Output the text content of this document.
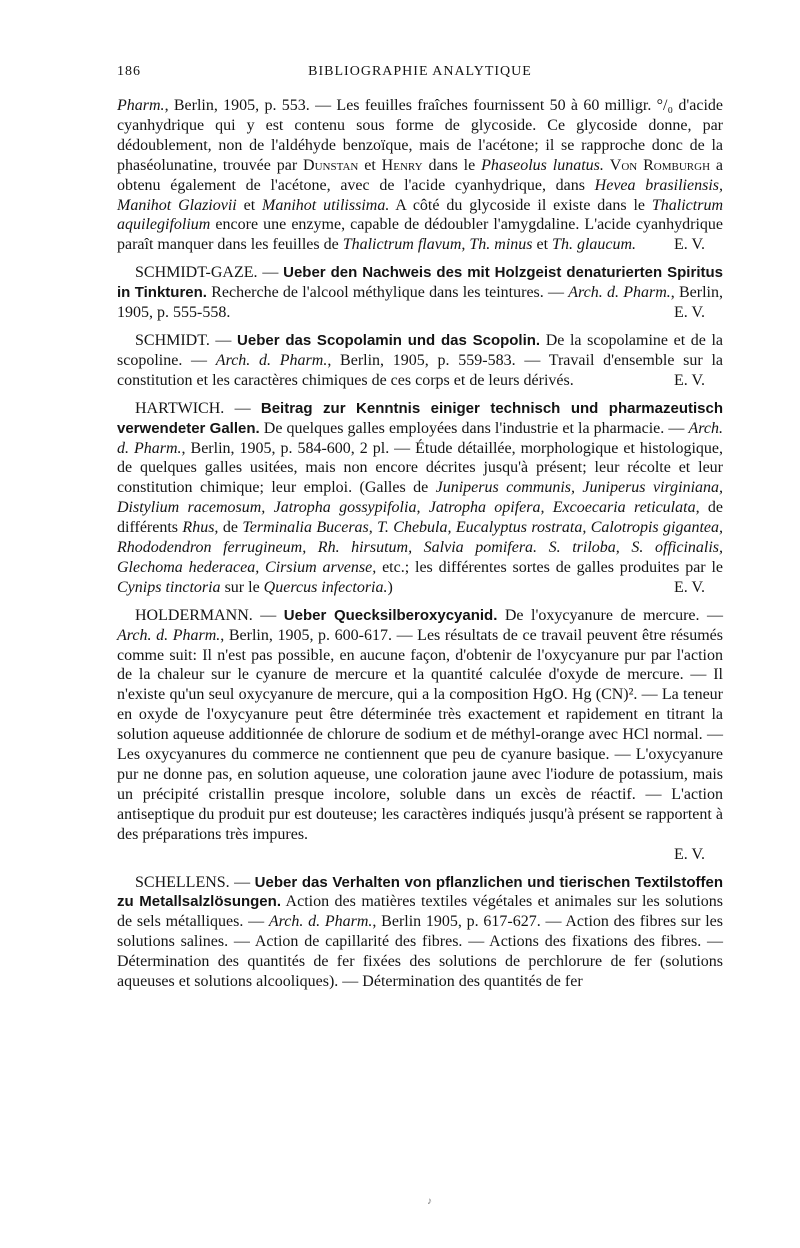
186	BIBLIOGRAPHIE ANALYTIQUE

Pharm., Berlin, 1905, p. 553. — Les feuilles fraîches fournissent 50 à 60 milligr. °/₀ d'acide cyanhydrique qui y est contenu sous forme de glycoside. Ce glycoside donne, par dédoublement, non de l'aldéhyde benzoïque, mais de l'acétone; il se rapproche donc de la phaséolunatine, trouvée par Dunstan et Henry dans le Phaseolus lunatus. Von Romburgh a obtenu également de l'acétone, avec de l'acide cyanhydrique, dans Hevea brasiliensis, Manihot Glaziovii et Manihot utilissima. A côté du glycoside il existe dans le Thalictrum aquilegifolium encore une enzyme, capable de dédoubler l'amygdaline. L'acide cyanhydrique paraît manquer dans les feuilles de Thalictrum flavum, Th. minus et Th. glaucum. E. V.

SCHMIDT-GAZE. — Ueber den Nachweis des mit Holzgeist denaturierten Spiritus in Tinkturen. Recherche de l'alcool méthylique dans les teintures. — Arch. d. Pharm., Berlin, 1905, p. 555-558.	E. V.

SCHMIDT. — Ueber das Scopolamin und das Scopolin. De la scopolamine et de la scopoline. — Arch. d. Pharm., Berlin, 1905, p. 559-583. — Travail d'ensemble sur la constitution et les caractères chimiques de ces corps et de leurs dérivés.	E. V.

HARTWICH. — Beitrag zur Kenntnis einiger technisch und pharmazeutisch verwendeter Gallen. De quelques galles employées dans l'industrie et la pharmacie. — Arch. d. Pharm., Berlin, 1905, p. 584-600, 2 pl. — Étude détaillée, morphologique et histologique, de quelques galles usitées, mais non encore décrites jusqu'à présent; leur récolte et leur constitution chimique; leur emploi. (Galles de Juniperus communis, Juniperus virginiana, Distylium racemosum, Jatropha gossypifolia, Jatropha opifera, Excoecaria reticulata, de différents Rhus, de Terminalia Buceras, T. Chebula, Eucalyptus rostrata, Calotropis gigantea, Rhododendron ferrugineum, Rh. hirsutum, Salvia pomifera. S. triloba, S. officinalis, Glechoma hederacea, Cirsium arvense, etc.; les différentes sortes de galles produites par le Cynips tinctoria sur le Quercus infectoria.)	E. V.

HOLDERMANN. — Ueber Quecksilberoxycyanid. De l'oxycyanure de mercure. — Arch. d. Pharm., Berlin, 1905, p. 600-617. — Les résultats de ce travail peuvent être résumés comme suit: Il n'est pas possible, en aucune façon, d'obtenir de l'oxycyanure pur par l'action de la chaleur sur le cyanure de mercure et la quantité calculée d'oxyde de mercure. — Il n'existe qu'un seul oxycyanure de mercure, qui a la composition HgO. Hg (CN)². — La teneur en oxyde de l'oxycyanure peut être déterminée très exactement et rapidement en titrant la solution aqueuse additionnée de chlorure de sodium et de méthyl-orange avec HCl normal. — Les oxycyanures du commerce ne contiennent que peu de cyanure basique. — L'oxycyanure pur ne donne pas, en solution aqueuse, une coloration jaune avec l'iodure de potassium, mais un précipité cristallin presque incolore, soluble dans un excès de réactif. — L'action antiseptique du produit pur est douteuse; les caractères indiqués jusqu'à présent se rapportent à des préparations très impures.

E. V.

SCHELLENS. — Ueber das Verhalten von pflanzlichen und tierischen Textilstoffen zu Metallsalzlösungen. Action des matières textiles végétales et animales sur les solutions de sels métalliques. — Arch. d. Pharm., Berlin 1905, p. 617-627. — Action des fibres sur les solutions salines. — Action de capillarité des fibres. — Actions des fixations des fibres. — Détermination des quantités de fer fixées des solutions de perchlorure de fer (solutions aqueuses et solutions alcooliques). — Détermination des quantités de fer

♪
